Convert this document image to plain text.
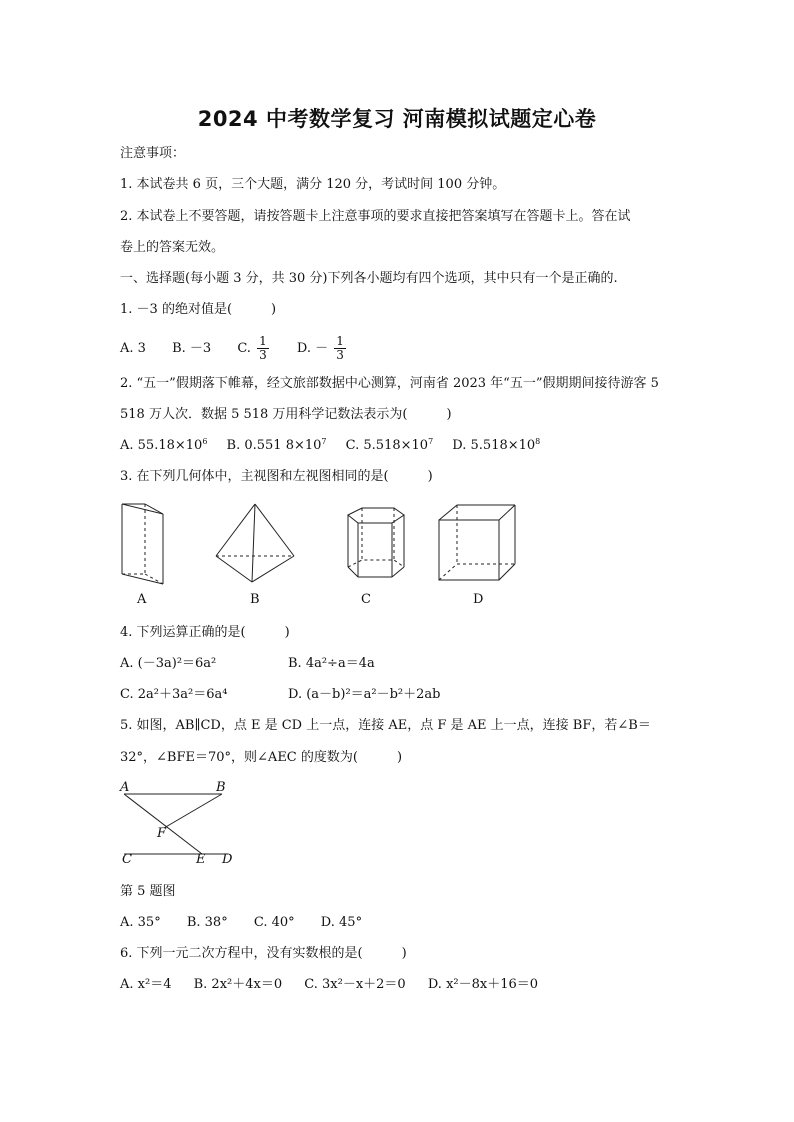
2024 中考数学复习 河南模拟试题定心卷
注意事项：
1. 本试卷共 6 页，三个大题，满分 120 分，考试时间 100 分钟。
2. 本试卷上不要答题，请按答题卡上注意事项的要求直接把答案填写在答题卡上。答在试
卷上的答案无效。
一、选择题(每小题 3 分，共 30 分)下列各小题均有四个选项，其中只有一个是正确的.
1. －3 的绝对值是(　　　)
A. 3 B. －3 C. $\frac{1}{3} D$. － $\frac{1}{3}$
2. “五一”假期落下帷幕，经文旅部数据中心测算，河南省 2023 年“五一”假期期间接待游客 5
518 万人次．数据 5 518 万用科学记数法表示为(　　　)
A. $55.18\times 10^6$ B. 0.551 $8\times 10^7$ C. $5.518\times 10^7$ D. $5.518\times 10^8$
3. 在下列几何体中，主视图和左视图相同的是(　　　)
A	B	C	D
4. 下列运算正确的是(　　　)
A. (－3a)²＝6a²	B. 4a²÷a＝4a
C. 2a²＋3a²＝6a⁴	D. (a－b)²＝a²－b²＋2ab
5. 如图，AB∥CD，点 E 是 CD 上一点，连接 AE，点 F 是 AE 上一点，连接 BF，若∠B＝
32°，∠BFE＝70°，则∠AEC 的度数为(　　　)
A	B
F
C	E D
第 5 题图
A. 35° B. 38° C. 40° D. 45°
6. 下列一元二次方程中，没有实数根的是(　　　)
A. x²＝4 B. 2x²＋4x＝0 C. 3x²－x＋2＝0 D. x²－8x＋16＝0
